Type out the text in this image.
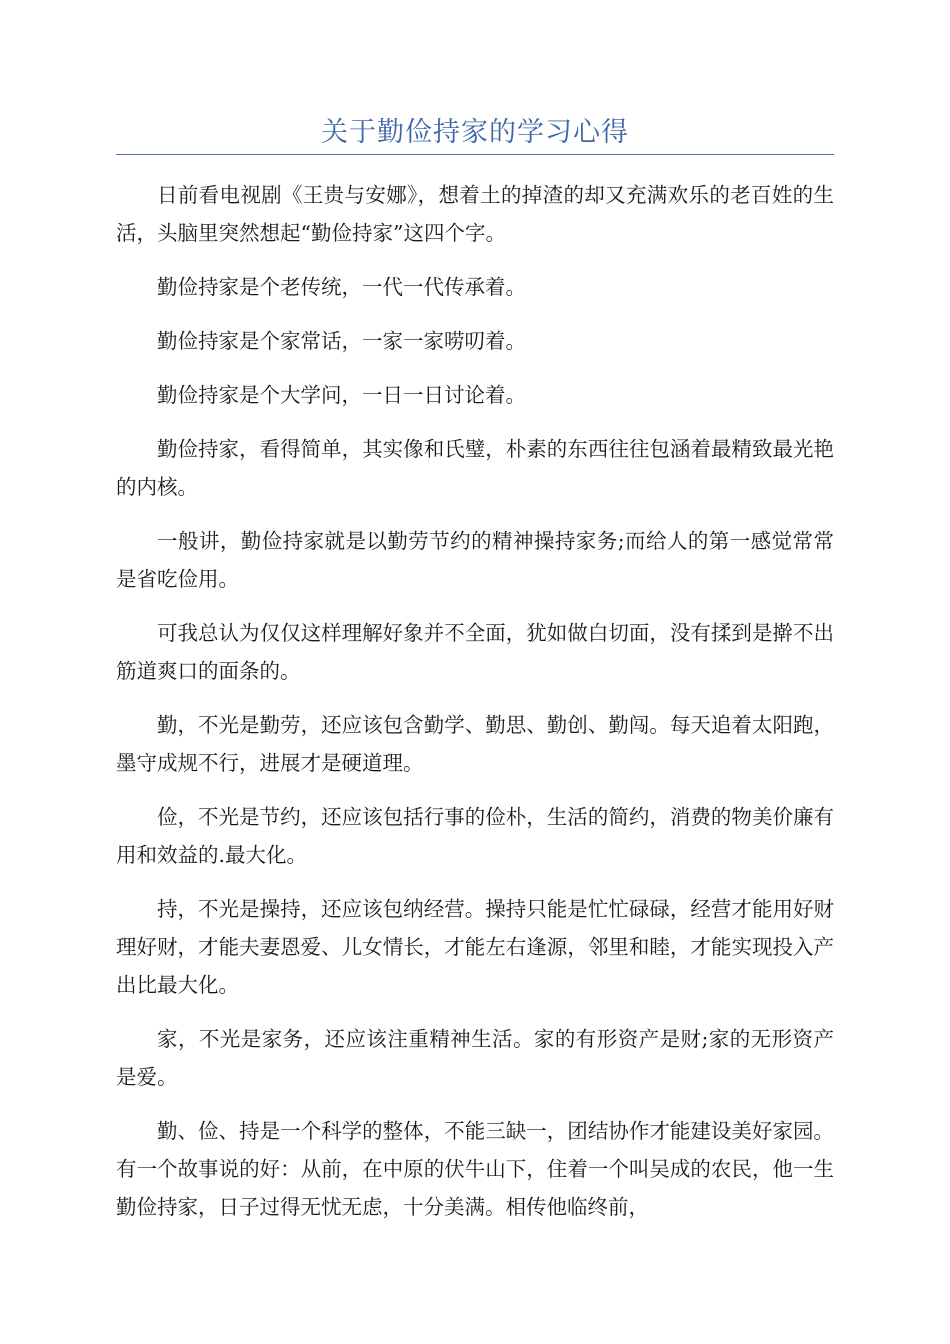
关于勤俭持家的学习心得

日前看电视剧《王贵与安娜》，想着土的掉渣的却又充满欢乐的老百姓的生活，头脑里突然想起“勤俭持家”这四个字。

勤俭持家是个老传统，一代一代传承着。

勤俭持家是个家常话，一家一家唠叨着。

勤俭持家是个大学问，一日一日讨论着。

勤俭持家，看得简单，其实像和氏璧，朴素的东西往往包涵着最精致最光艳的内核。

一般讲，勤俭持家就是以勤劳节约的精神操持家务;而给人的第一感觉常常是省吃俭用。

可我总认为仅仅这样理解好象并不全面，犹如做白切面，没有揉到是擀不出筋道爽口的面条的。

勤，不光是勤劳，还应该包含勤学、勤思、勤创、勤闯。每天追着太阳跑，墨守成规不行，进展才是硬道理。

俭，不光是节约，还应该包括行事的俭朴，生活的简约，消费的物美价廉有用和效益的.最大化。

持，不光是操持，还应该包纳经营。操持只能是忙忙碌碌，经营才能用好财理好财，才能夫妻恩爱、儿女情长，才能左右逢源，邻里和睦，才能实现投入产出比最大化。

家，不光是家务，还应该注重精神生活。家的有形资产是财;家的无形资产是爱。

勤、俭、持是一个科学的整体，不能三缺一，团结协作才能建设美好家园。有一个故事说的好：从前，在中原的伏牛山下，住着一个叫吴成的农民，他一生勤俭持家，日子过得无忧无虑，十分美满。相传他临终前，
